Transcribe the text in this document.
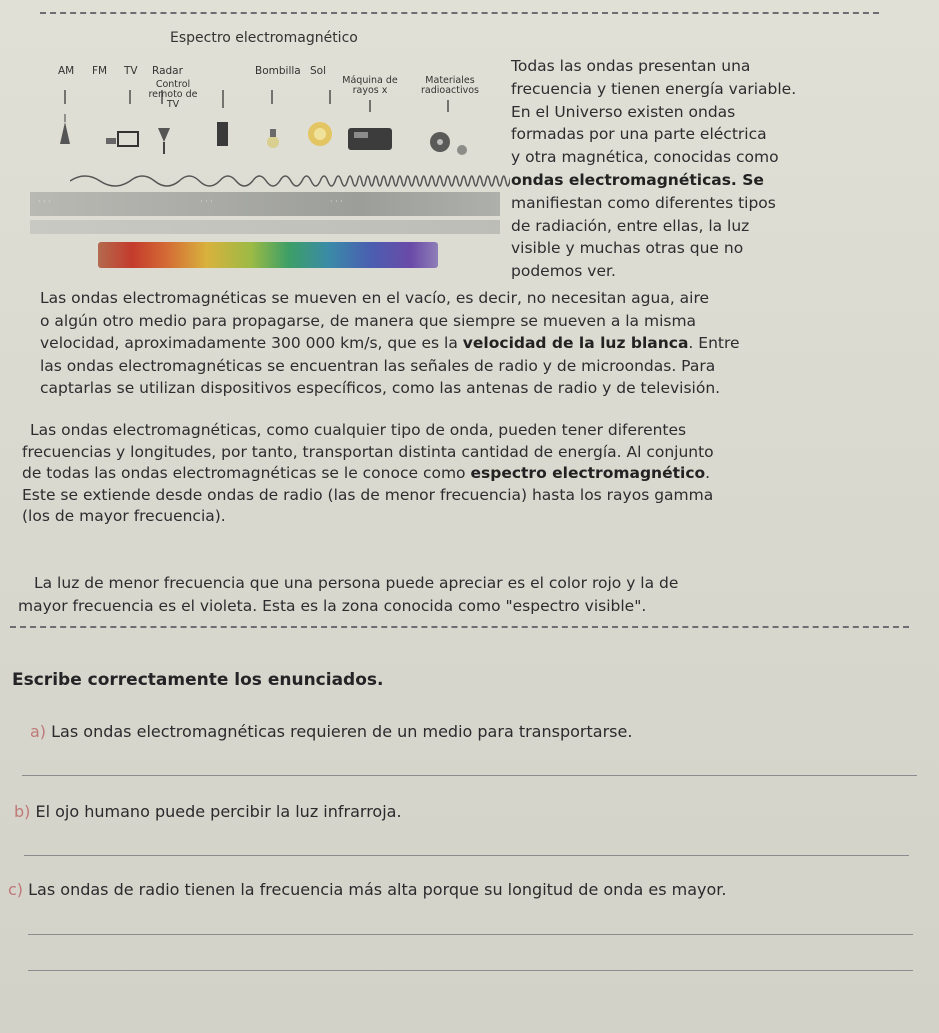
Espectro electromagnético
AM FM TV Radar
Control remoto de TV
Bombilla Sol
Máquina de rayos x
Materiales radioactivos
· · ·	· · ·	· · ·
Todas las ondas presentan una
frecuencia y tienen energía variable.
En el Universo existen ondas
formadas por una parte eléctrica
y otra magnética, conocidas como
ondas electromagnéticas. Se
manifiestan como diferentes tipos
de radiación, entre ellas, la luz
visible y muchas otras que no
podemos ver.
Las ondas electromagnéticas se mueven en el vacío, es decir, no necesitan agua, aire
o algún otro medio para propagarse, de manera que siempre se mueven a la misma
velocidad, aproximadamente 300 000 km/s, que es la velocidad de la luz blanca. Entre
las ondas electromagnéticas se encuentran las señales de radio y de microondas. Para
captarlas se utilizan dispositivos específicos, como las antenas de radio y de televisión.
Las ondas electromagnéticas, como cualquier tipo de onda, pueden tener diferentes
frecuencias y longitudes, por tanto, transportan distinta cantidad de energía. Al conjunto
de todas las ondas electromagnéticas se le conoce como espectro electromagnético.
Este se extiende desde ondas de radio (las de menor frecuencia) hasta los rayos gamma
(los de mayor frecuencia).
La luz de menor frecuencia que una persona puede apreciar es el color rojo y la de
mayor frecuencia es el violeta. Esta es la zona conocida como "espectro visible".
Escribe correctamente los enunciados.
a) Las ondas electromagnéticas requieren de un medio para transportarse.
b) El ojo humano puede percibir la luz infrarroja.
c) Las ondas de radio tienen la frecuencia más alta porque su longitud de onda es mayor.
